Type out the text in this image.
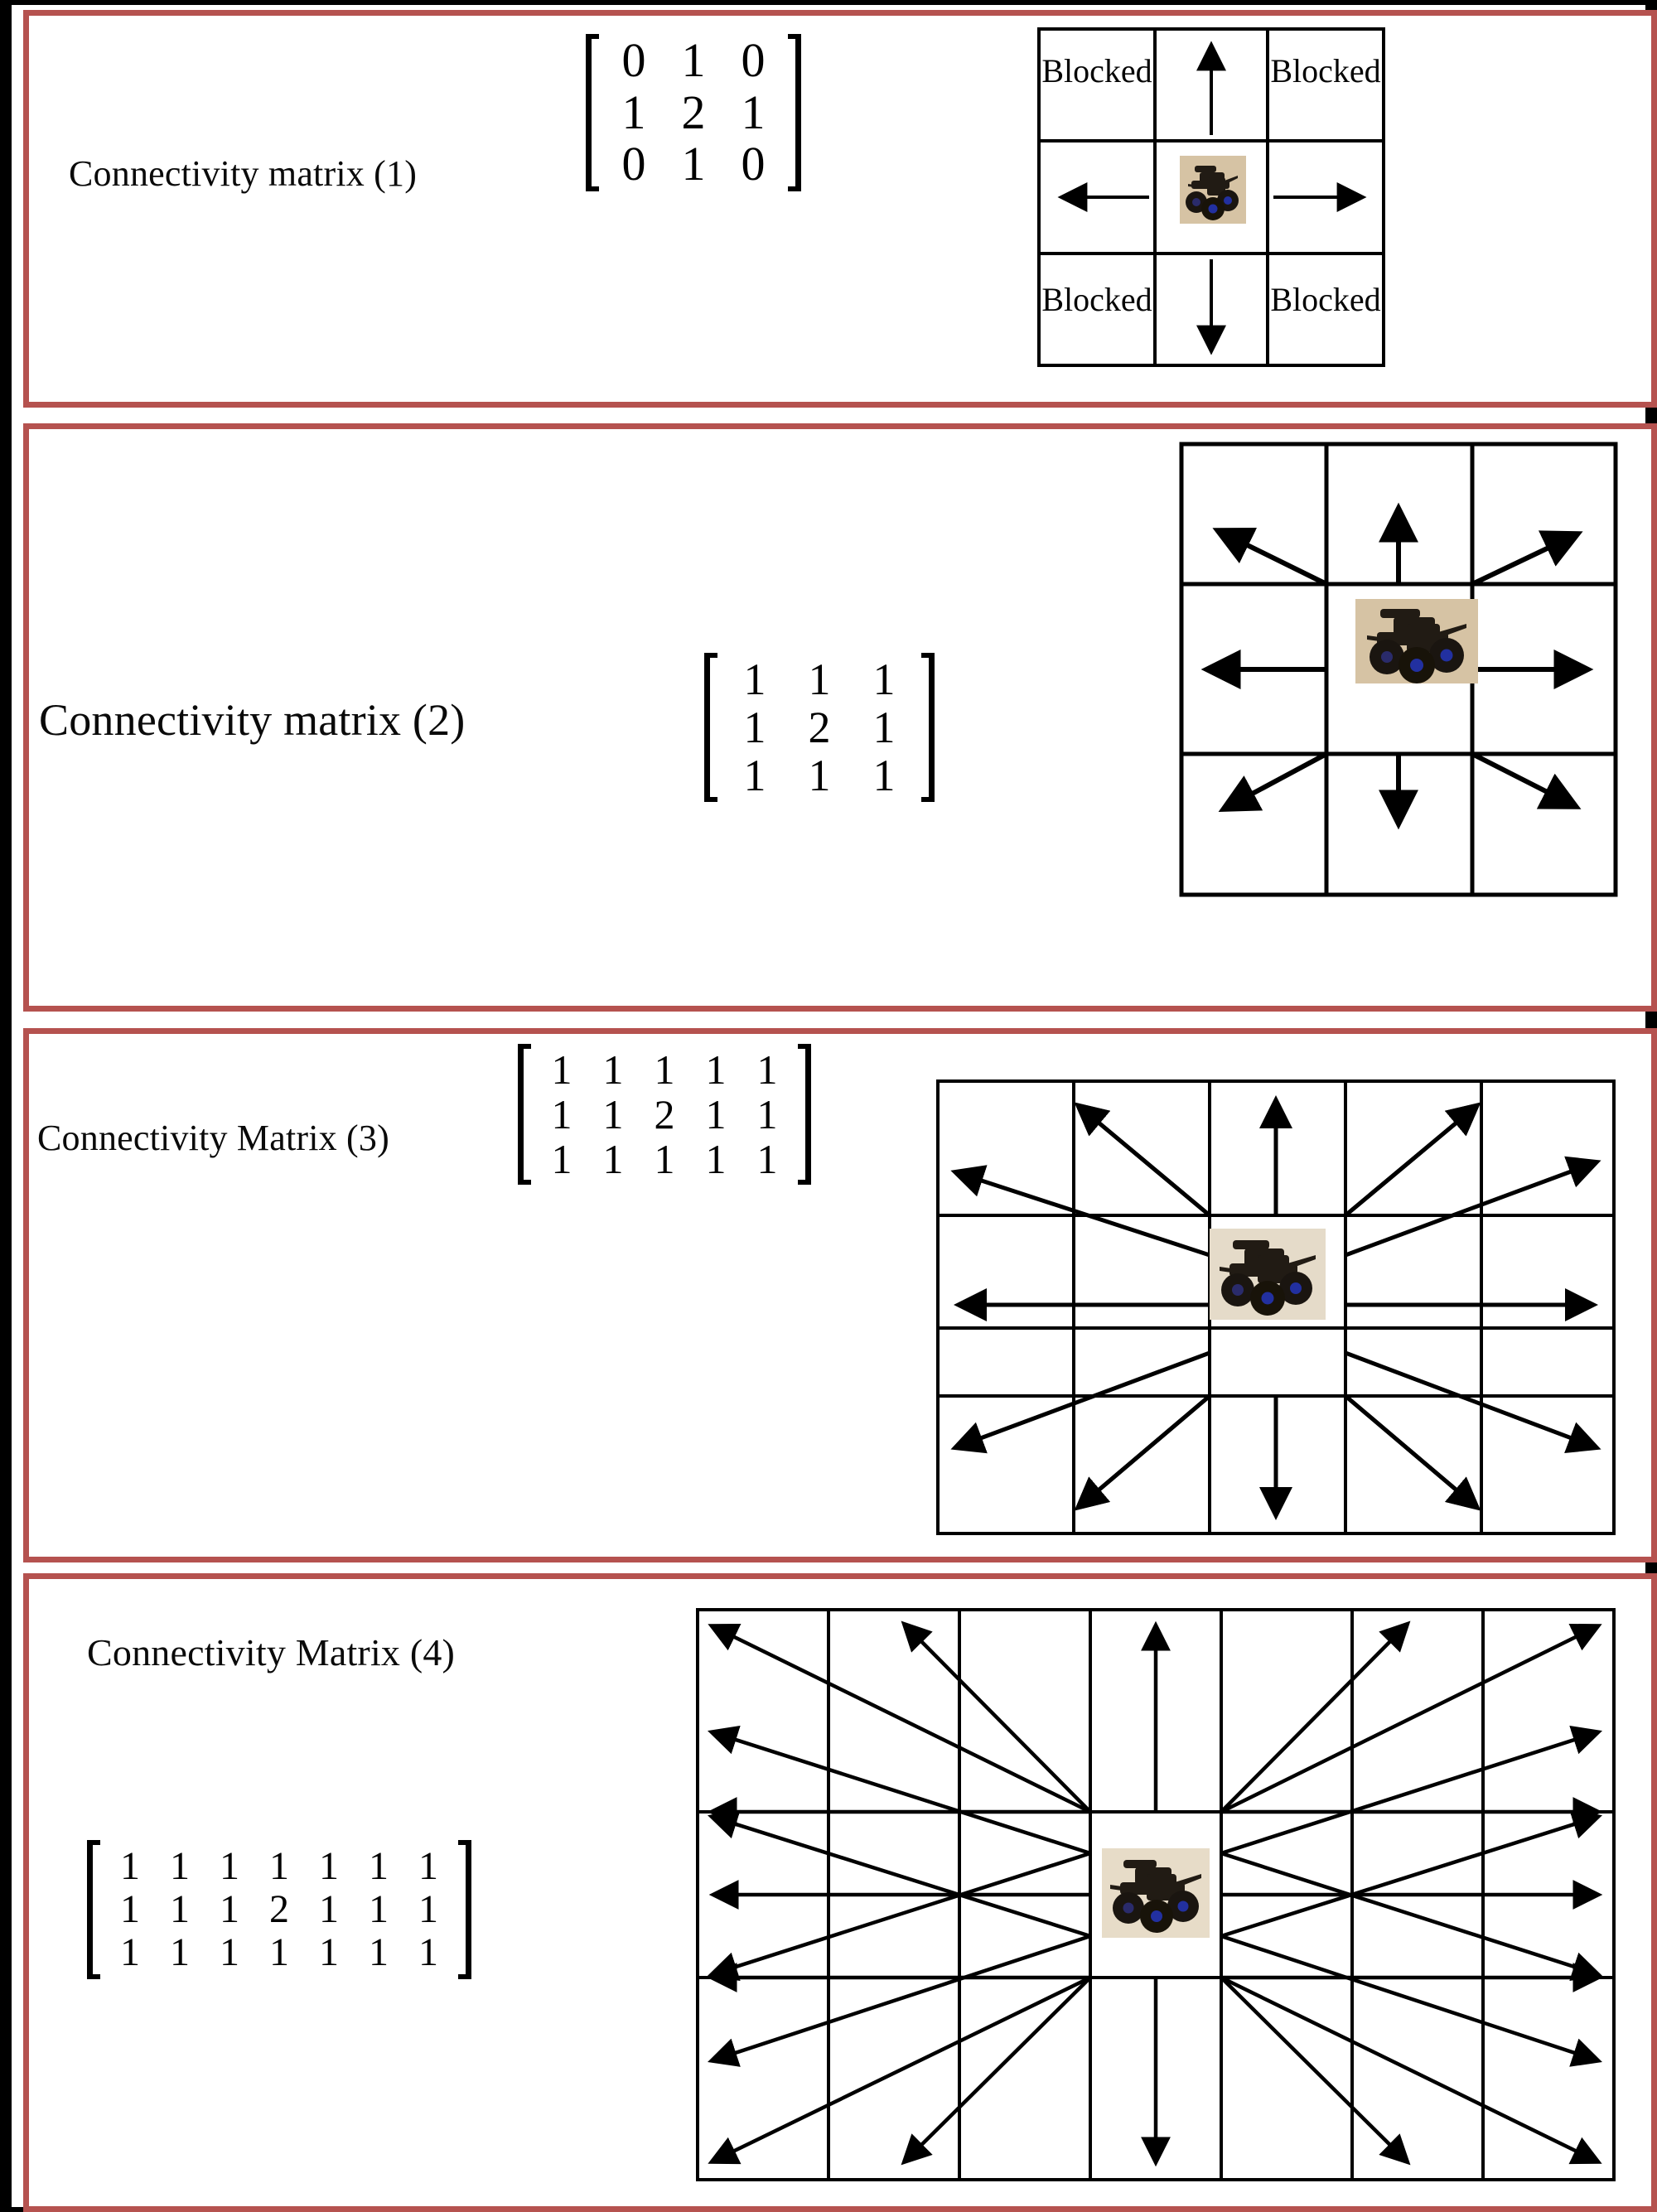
Connectivity matrix (1)
0 1 0
1 2 1
0 1 0
Blocked	Blocked
Blocked	Blocked
Connectivity matrix (2)
1 1 1
1 2 1
1 1 1
Connectivity Matrix (3)
1 1 1 1 1
1 1 2 1 1
1 1 1 1 1
Connectivity Matrix (4)
1 1 1 1 1 1 1
1 1 1 2 1 1 1
1 1 1 1 1 1 1
